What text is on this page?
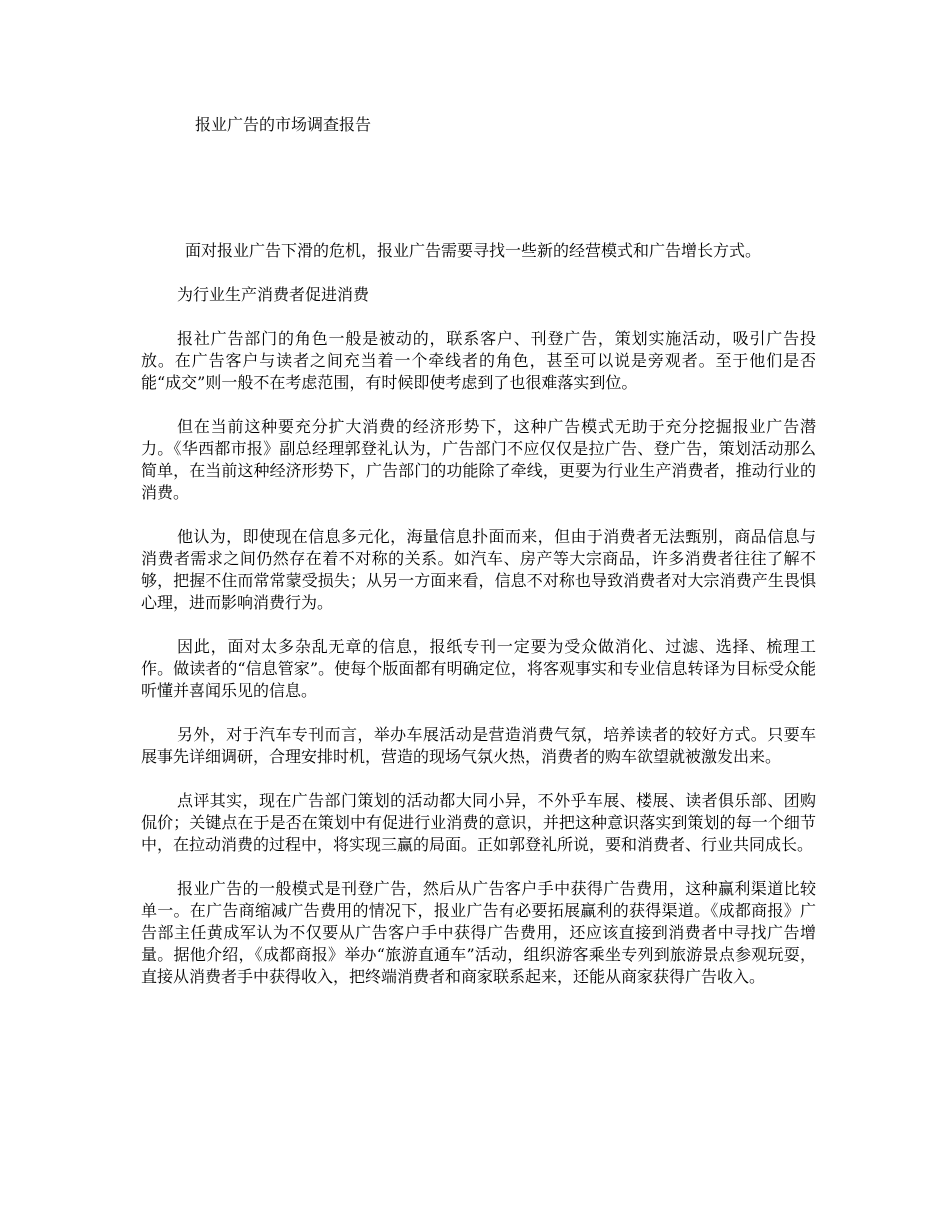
报业广告的市场调查报告

面对报业广告下滑的危机，报业广告需要寻找一些新的经营模式和广告增长方式。

为行业生产消费者促进消费

报社广告部门的角色一般是被动的，联系客户、刊登广告，策划实施活动，吸引广告投放。在广告客户与读者之间充当着一个牵线者的角色，甚至可以说是旁观者。至于他们是否能“成交”则一般不在考虑范围，有时候即使考虑到了也很难落实到位。

但在当前这种要充分扩大消费的经济形势下，这种广告模式无助于充分挖掘报业广告潜力。《华西都市报》副总经理郭登礼认为，广告部门不应仅仅是拉广告、登广告，策划活动那么简单，在当前这种经济形势下，广告部门的功能除了牵线，更要为行业生产消费者，推动行业的消费。

他认为，即使现在信息多元化，海量信息扑面而来，但由于消费者无法甄别，商品信息与消费者需求之间仍然存在着不对称的关系。如汽车、房产等大宗商品，许多消费者往往了解不够，把握不住而常常蒙受损失；从另一方面来看，信息不对称也导致消费者对大宗消费产生畏惧心理，进而影响消费行为。

因此，面对太多杂乱无章的信息，报纸专刊一定要为受众做消化、过滤、选择、梳理工作。做读者的“信息管家”。使每个版面都有明确定位，将客观事实和专业信息转译为目标受众能听懂并喜闻乐见的信息。

另外，对于汽车专刊而言，举办车展活动是营造消费气氛，培养读者的较好方式。只要车展事先详细调研，合理安排时机，营造的现场气氛火热，消费者的购车欲望就被激发出来。

点评其实，现在广告部门策划的活动都大同小异，不外乎车展、楼展、读者俱乐部、团购侃价；关键点在于是否在策划中有促进行业消费的意识，并把这种意识落实到策划的每一个细节中，在拉动消费的过程中，将实现三赢的局面。正如郭登礼所说，要和消费者、行业共同成长。

报业广告的一般模式是刊登广告，然后从广告客户手中获得广告费用，这种赢利渠道比较单一。在广告商缩减广告费用的情况下，报业广告有必要拓展赢利的获得渠道。《成都商报》广告部主任黄成军认为不仅要从广告客户手中获得广告费用，还应该直接到消费者中寻找广告增量。据他介绍，《成都商报》举办“旅游直通车”活动，组织游客乘坐专列到旅游景点参观玩耍，直接从消费者手中获得收入，把终端消费者和商家联系起来，还能从商家获得广告收入。
